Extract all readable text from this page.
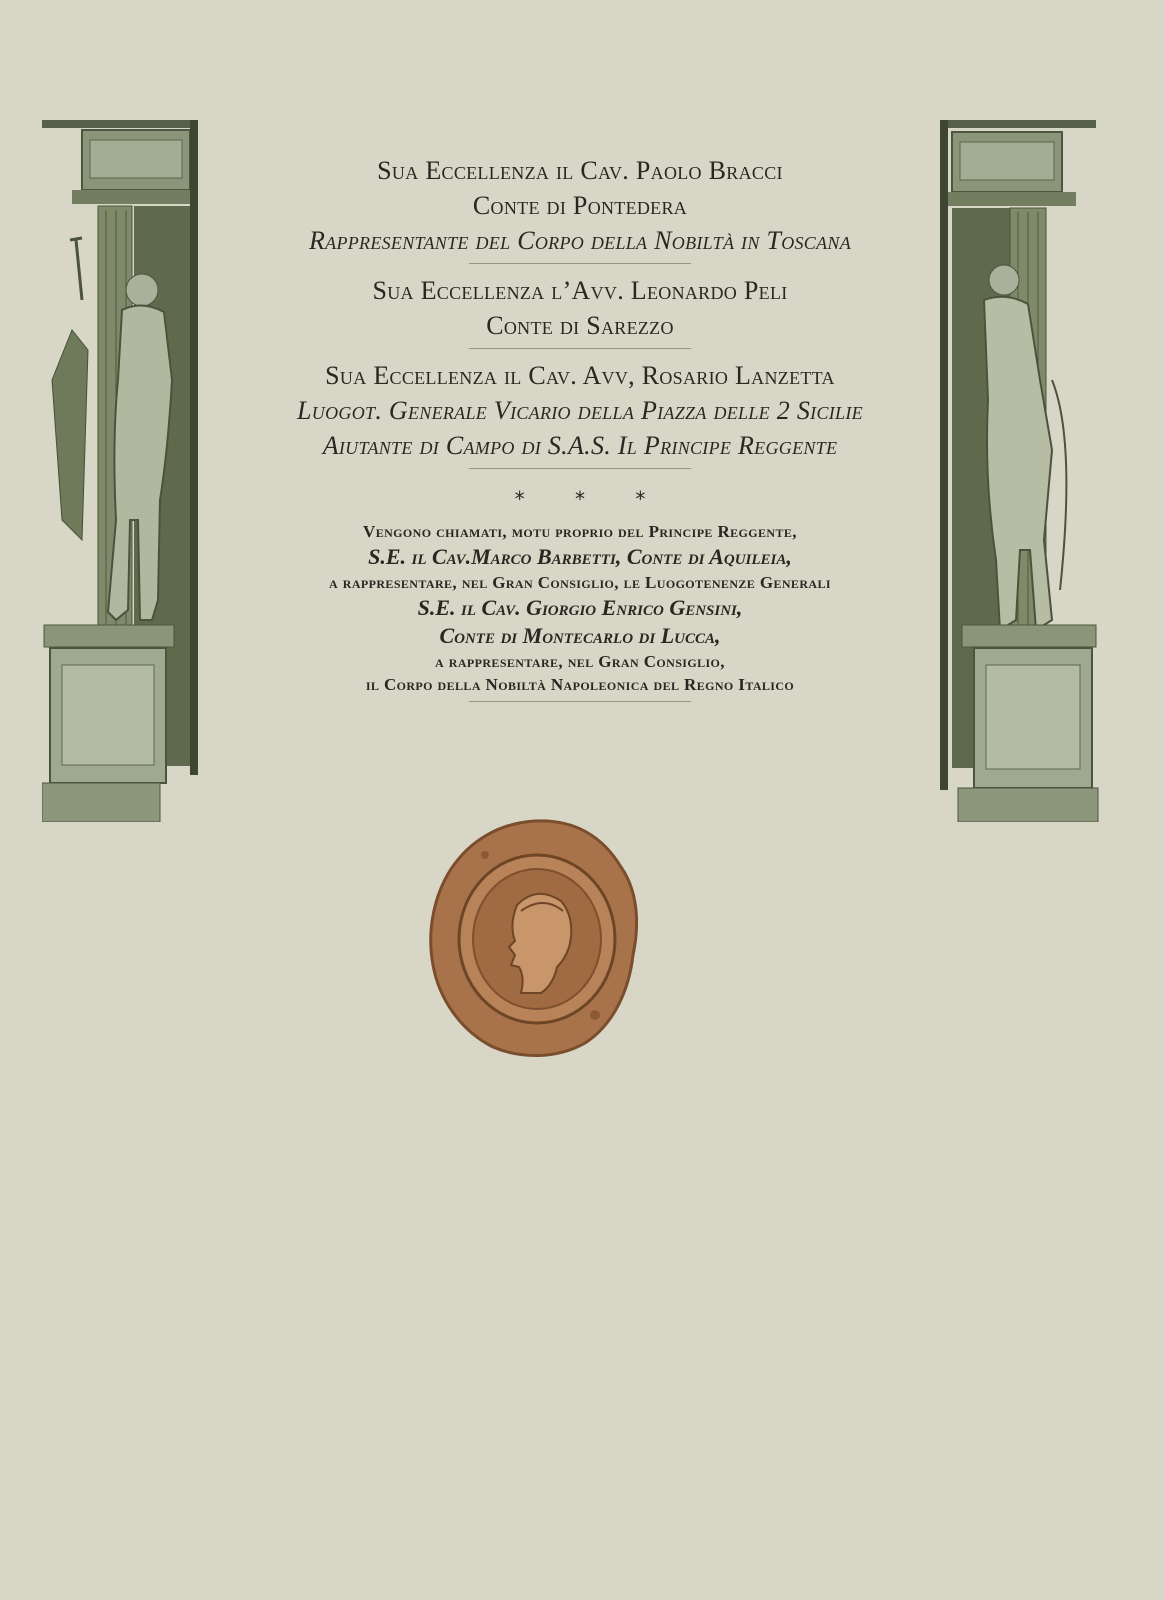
Sua Eccellenza il Cav. Paolo Bracci

Conte di Pontedera

Rappresentante del Corpo della Nobiltà in Toscana

Sua Eccellenza l’Avv. Leonardo Peli

Conte di Sarezzo

Sua Eccellenza il Cav. Avv, Rosario Lanzetta

Luogot. Generale Vicario della Piazza delle 2 Sicilie

Aiutante di Campo di S.A.S. Il Principe Reggente

* * *

Vengono chiamati, motu proprio del Principe Reggente,

S.E. il Cav.Marco Barbetti, Conte di Aquileia,

a rappresentare, nel Gran Consiglio, le Luogotenenze Generali

S.E. il Cav. Giorgio Enrico Gensini,

Conte di Montecarlo di Lucca,

a rappresentare, nel Gran Consiglio,

il Corpo della Nobiltà Napoleonica del Regno Italico
